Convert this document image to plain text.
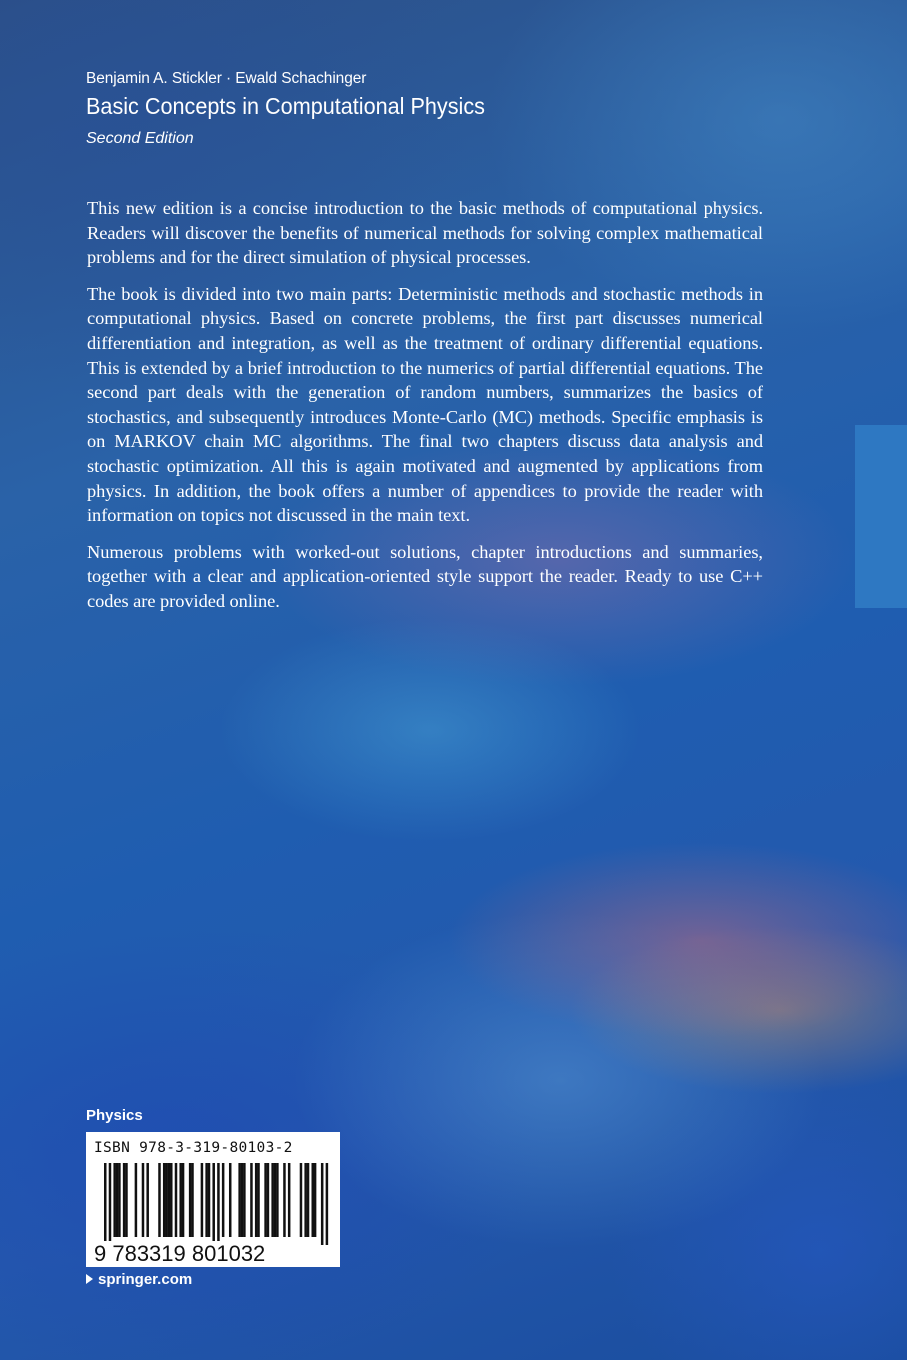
Benjamin A. Stickler · Ewald Schachinger
Basic Concepts in Computational Physics
Second Edition

This new edition is a concise introduction to the basic methods of computational physics. Readers will discover the benefits of numerical methods for solving complex mathematical problems and for the direct simulation of physical processes.

The book is divided into two main parts: Deterministic methods and stochastic methods in computational physics. Based on concrete problems, the first part discusses numerical differentiation and integration, as well as the treatment of ordinary differential equations. This is extended by a brief introduction to the numerics of partial differential equations. The second part deals with the generation of random numbers, summarizes the basics of stochastics, and subsequently introduces Monte-Carlo (MC) methods. Specific emphasis is on MARKOV chain MC algorithms. The final two chapters discuss data analysis and stochastic optimization. All this is again motivated and augmented by applications from physics. In addition, the book offers a number of appendices to provide the reader with information on topics not discussed in the main text.

Numerous problems with worked-out solutions, chapter introductions and summaries, together with a clear and application-oriented style support the reader. Ready to use C++ codes are provided online.

Physics
ISBN 978-3-319-80103-2
9 783319 801032
springer.com
